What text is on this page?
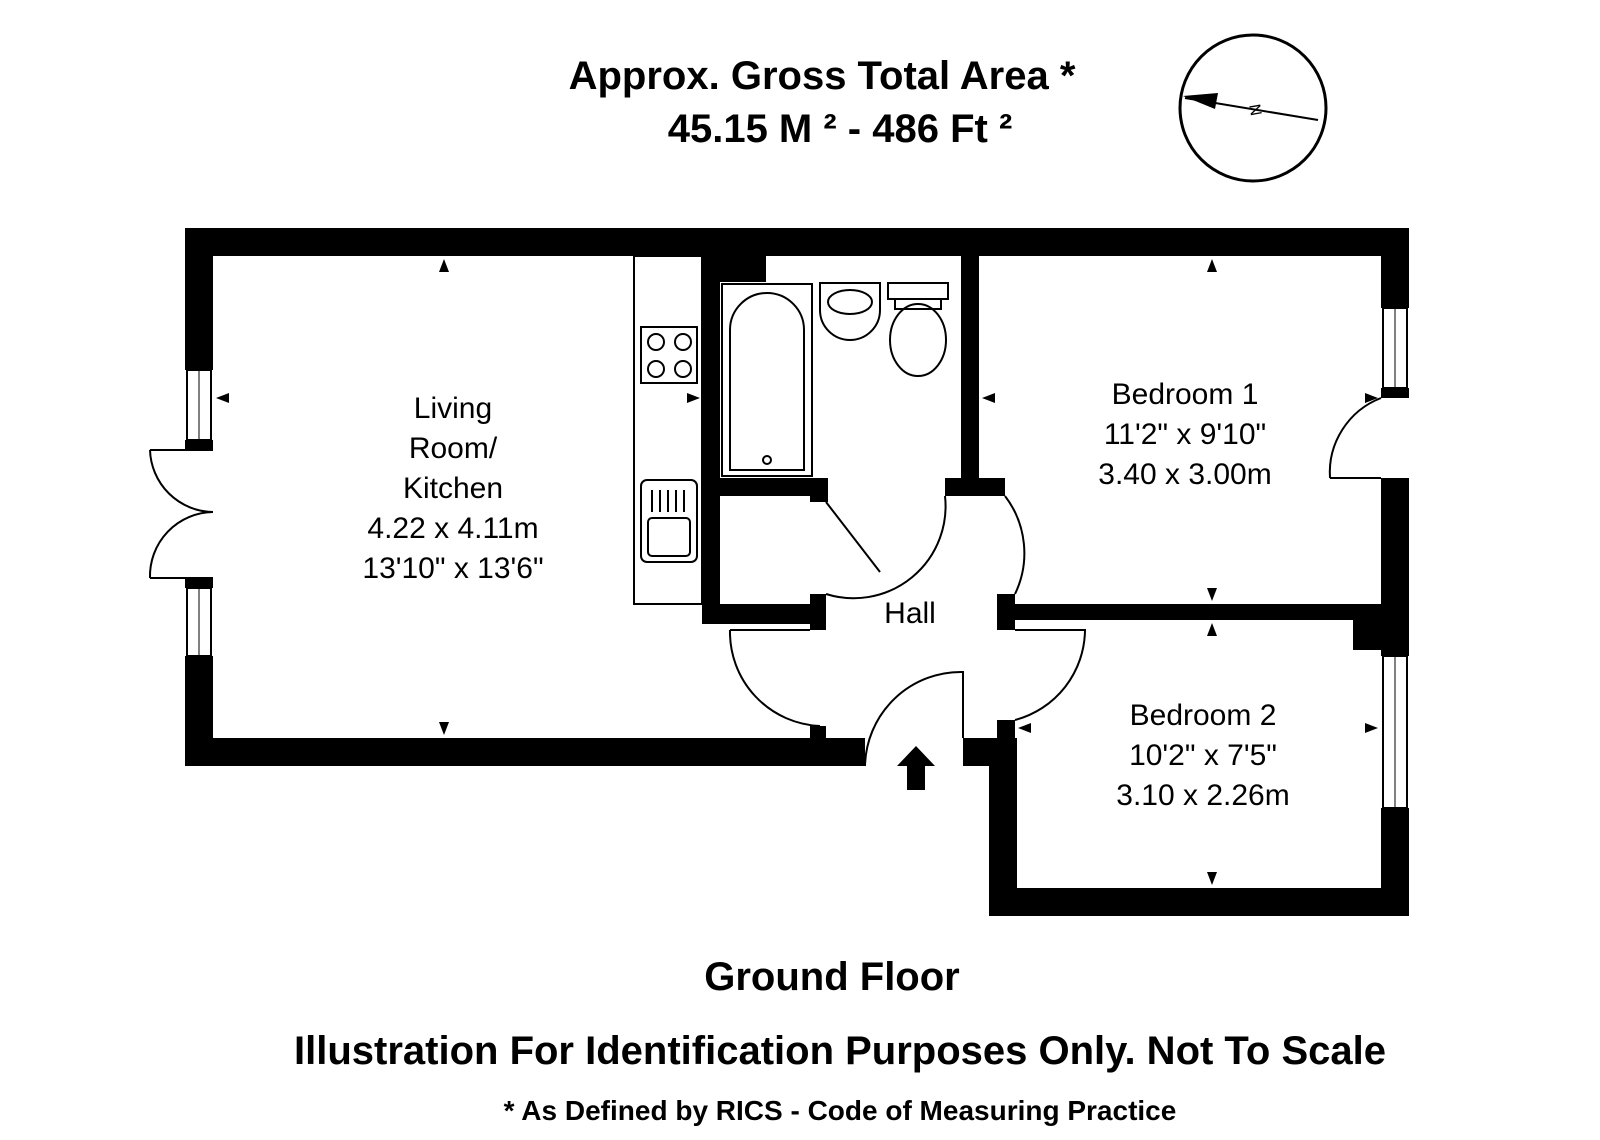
Approx. Gross Total Area *
45.15 M ² - 486 Ft ²	N
Living
Room/
Kitchen
4.22 x 4.11m
13'10" x 13'6"
Bedroom 1
11'2" x 9'10"
3.40 x 3.00m
Bedroom 2
10'2" x 7'5"
3.10 x 2.26m
Hall
Ground Floor
Illustration For Identification Purposes Only. Not To Scale
* As Defined by RICS - Code of Measuring Practice
